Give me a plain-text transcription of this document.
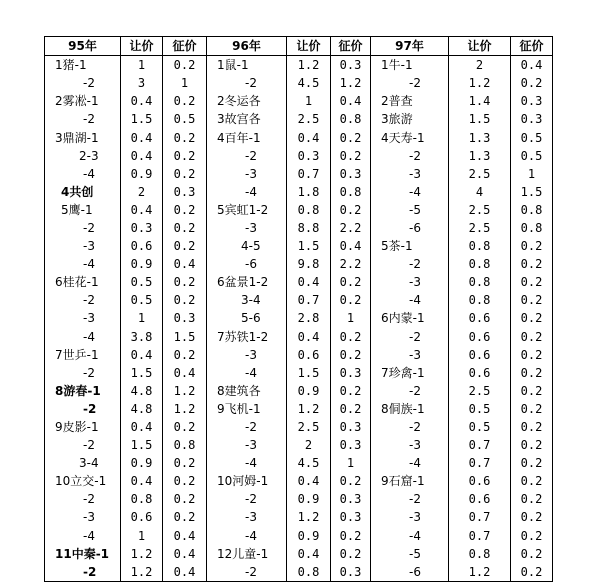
95年	让价	征价	96年	让价	征价	97年	让价	征价
1猪-1	1	0.2	1鼠-1	1.2	0.3	1牛-1	2	0.4
-2	3	1	-2	4.5	1.2	-2	1.2	0.2
2雾凇-1	0.4	0.2	2冬运各	1	0.4	2普查	1.4	0.3
-2	1.5	0.5	3故宫各	2.5	0.8	3旅游	1.5	0.3
3鼎湖-1	0.4	0.2	4百年-1	0.4	0.2	4天寿-1	1.3	0.5
2-3	0.4	0.2	-2	0.3	0.2	-2	1.3	0.5
-4	0.9	0.2	-3	0.7	0.3	-3	2.5	1
4共创	2	0.3	-4	1.8	0.8	-4	4	1.5
5鹰-1	0.4	0.2	5宾虹1-2	0.8	0.2	-5	2.5	0.8
-2	0.3	0.2	-3	8.8	2.2	-6	2.5	0.8
-3	0.6	0.2	4-5	1.5	0.4	5茶-1	0.8	0.2
-4	0.9	0.4	-6	9.8	2.2	-2	0.8	0.2
6桂花-1	0.5	0.2	6盆景1-2	0.4	0.2	-3	0.8	0.2
-2	0.5	0.2	3-4	0.7	0.2	-4	0.8	0.2
-3	1	0.3	5-6	2.8	1	6内蒙-1	0.6	0.2
-4	3.8	1.5	7苏铁1-2	0.4	0.2	-2	0.6	0.2
7世乒-1	0.4	0.2	-3	0.6	0.2	-3	0.6	0.2
-2	1.5	0.4	-4	1.5	0.3	7珍禽-1	0.6	0.2
8游春-1	4.8	1.2	8建筑各	0.9	0.2	-2	2.5	0.2
-2	4.8	1.2	9飞机-1	1.2	0.2	8侗族-1	0.5	0.2
9皮影-1	0.4	0.2	-2	2.5	0.3	-2	0.5	0.2
-2	1.5	0.8	-3	2	0.3	-3	0.7	0.2
3-4	0.9	0.2	-4	4.5	1	-4	0.7	0.2
10立交-1	0.4	0.2	10河姆-1	0.4	0.2	9石窟-1	0.6	0.2
-2	0.8	0.2	-2	0.9	0.3	-2	0.6	0.2
-3	0.6	0.2	-3	1.2	0.3	-3	0.7	0.2
-4	1	0.4	-4	0.9	0.2	-4	0.7	0.2
11中秦-1	1.2	0.4	12儿童-1	0.4	0.2	-5	0.8	0.2
-2	1.2	0.4	-2	0.8	0.3	-6	1.2	0.2
